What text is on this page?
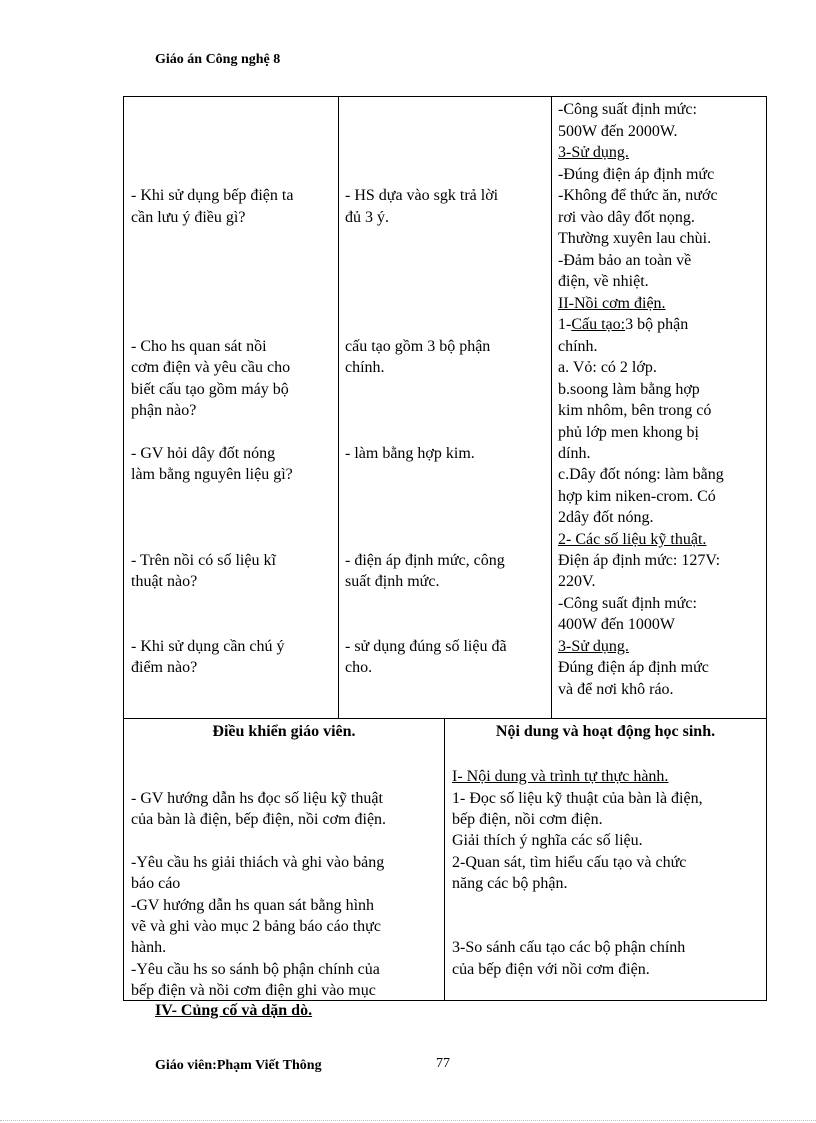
Giáo án Công nghệ 8
- Khi sử dụng bếp điện ta
cần lưu ý điều gì?
- Cho hs quan sát nồi
cơm điện và yêu cầu cho
biết cấu tạo gồm máy bộ
phận nào?
- GV hỏi dây đốt nóng
làm bằng nguyên liệu gì?
- Trên nồi có số liệu kĩ
thuật nào?
- Khi sử dụng cần chú ý
điểm nào?
- HS dựa vào sgk trả lời
đủ 3 ý.
cấu tạo gồm 3 bộ phận
chính.
- làm bằng hợp kim.
- điện áp định mức, công
suất định mức.
- sử dụng đúng số liệu đã
cho.
-Công suất định mức:
500W đến 2000W.
3-Sử dụng.
-Đúng điện áp định mức
-Không để thức ăn, nước
rơi vào dây đốt nọng.
Thường xuyên lau chùi.
-Đảm bảo an toàn về
điện, về nhiệt.
II-Nồi cơm điện.
1-Cấu tạo:3 bộ phận
chính.
a. Vỏ: có 2 lớp.
b.soong làm bằng hợp
kim nhôm, bên trong có
phủ lớp men khong bị
dính.
c.Dây đốt nóng: làm bằng
hợp kim niken-crom. Có
2dây đốt nóng.
2- Các số liệu kỹ thuật.
Điện áp định mức: 127V:
220V.
-Công suất định mức:
400W đến 1000W
3-Sử dụng.
Đúng điện áp định mức
và để nơi khô ráo.
Điều khiển giáo viên.	Nội dung và hoạt động học sinh.
- GV hướng dẫn hs đọc số liệu kỹ thuật
của bàn là điện, bếp điện, nồi cơm điện.
-Yêu cầu hs giải thiách và ghi vào bảng
báo cáo
-GV hướng dẫn hs quan sát bằng hình
vẽ và ghi vào mục 2 bảng báo cáo thực
hành.
-Yêu cầu hs so sánh bộ phận chính của
bếp điện và nồi cơm điện ghi vào mục
I- Nội dung và trình tự thực hành.
1- Đọc số liệu kỹ thuật của bàn là điện,
bếp điện, nồi cơm điện.
Giải thích ý nghĩa các số liệu.
2-Quan sát, tìm hiểu cấu tạo và chức
năng các bộ phận.
3-So sánh cấu tạo các bộ phận chính
của bếp điện với nồi cơm điện.
IV- Củng cố và dặn dò.
Giáo viên:Phạm Viết Thông	77
